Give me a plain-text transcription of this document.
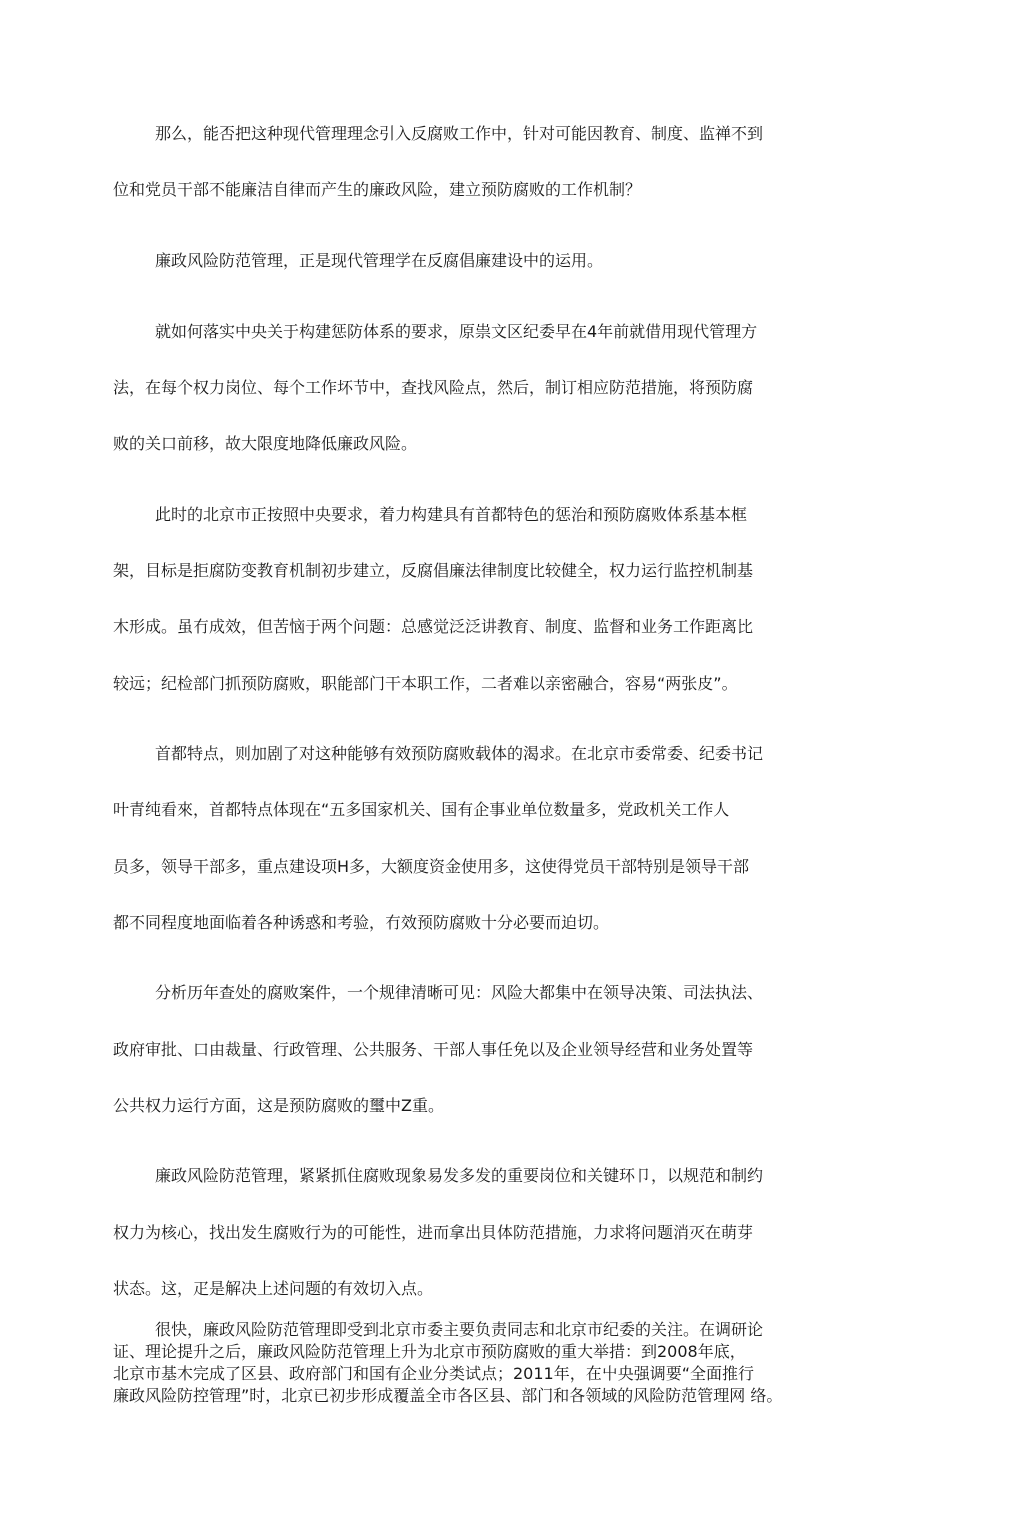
那么，能否把这种现代管理理念引入反腐败工作中，针对可能因教育、制度、监禅不到
位和党员干部不能廉洁自律而产生的廉政风险，建立预防腐败的工作机制？
廉政风险防范管理，正是现代管理学在反腐倡廉建设中的运用。
就如何落实中央关于构建惩防体系的要求，原祟文区纪委早在4年前就借用现代管理方
法，在每个权力岗位、每个工作坏节中，查找风险点，然后，制订相应防范措施，将预防腐
败的关口前移，故大限度地降低廉政风险。
此时的北京市正按照中央要求，着力构建具有首都特色的惩治和预防腐败体系基本框
架，目标是拒腐防变教育机制初步建立，反腐倡廉法律制度比较健全，权力运行监控机制基
木形成。虽冇成效，但苦恼于两个问题：总感觉泛泛讲教育、制度、监督和业务工作距离比
较远；纪检部门抓预防腐败，职能部门干本职工作，二者难以亲密融合，容易“两张皮”。
首都特点，则加剧了对这种能够有效预防腐败载体的渴求。在北京市委常委、纪委书记
叶青纯看來，首都特点体现在“五多国家机关、国有企事业单位数量多，党政机关工作人
员多，领导干部多，重点建设项H多，大额度资金使用多，这使得党员干部特别是领导干部
都不同程度地面临着各种诱惑和考验，冇效预防腐败十分必要而迫切。
分析历年查处的腐败案件，一个规律清晰可见：风险大都集中在领导决策、司法执法、
政府审批、口由裁量、行政管理、公共服务、干部人事任免以及企业领导经营和业务处置等
公共权力运行方面，这是预防腐败的璽中Z重。
廉政风险防范管理，紧紧抓住腐败现象易发多发的重要岗位和关键环卩，以规范和制约
权力为核心，找出发生腐败行为的可能性，进而拿出貝体防范措施，力求将问题消灭在萌芽
状态。这，疋是解决上述问题的有效切入点。
很快，廉政风险防范管理即受到北京市委主要负责同志和北京市纪委的关注。在调研论
证、理论提升之后，廉政风险防范管理上升为北京市预防腐败的重大举措：到2008年底，
北京市基木完成了区县、政府部门和国有企业分类试点；2011年，在屮央强调要“全面推行
廉政风险防控管理”时，北京已初步形成覆盖全市各区县、部门和各领域的风险防范管理网 络。
